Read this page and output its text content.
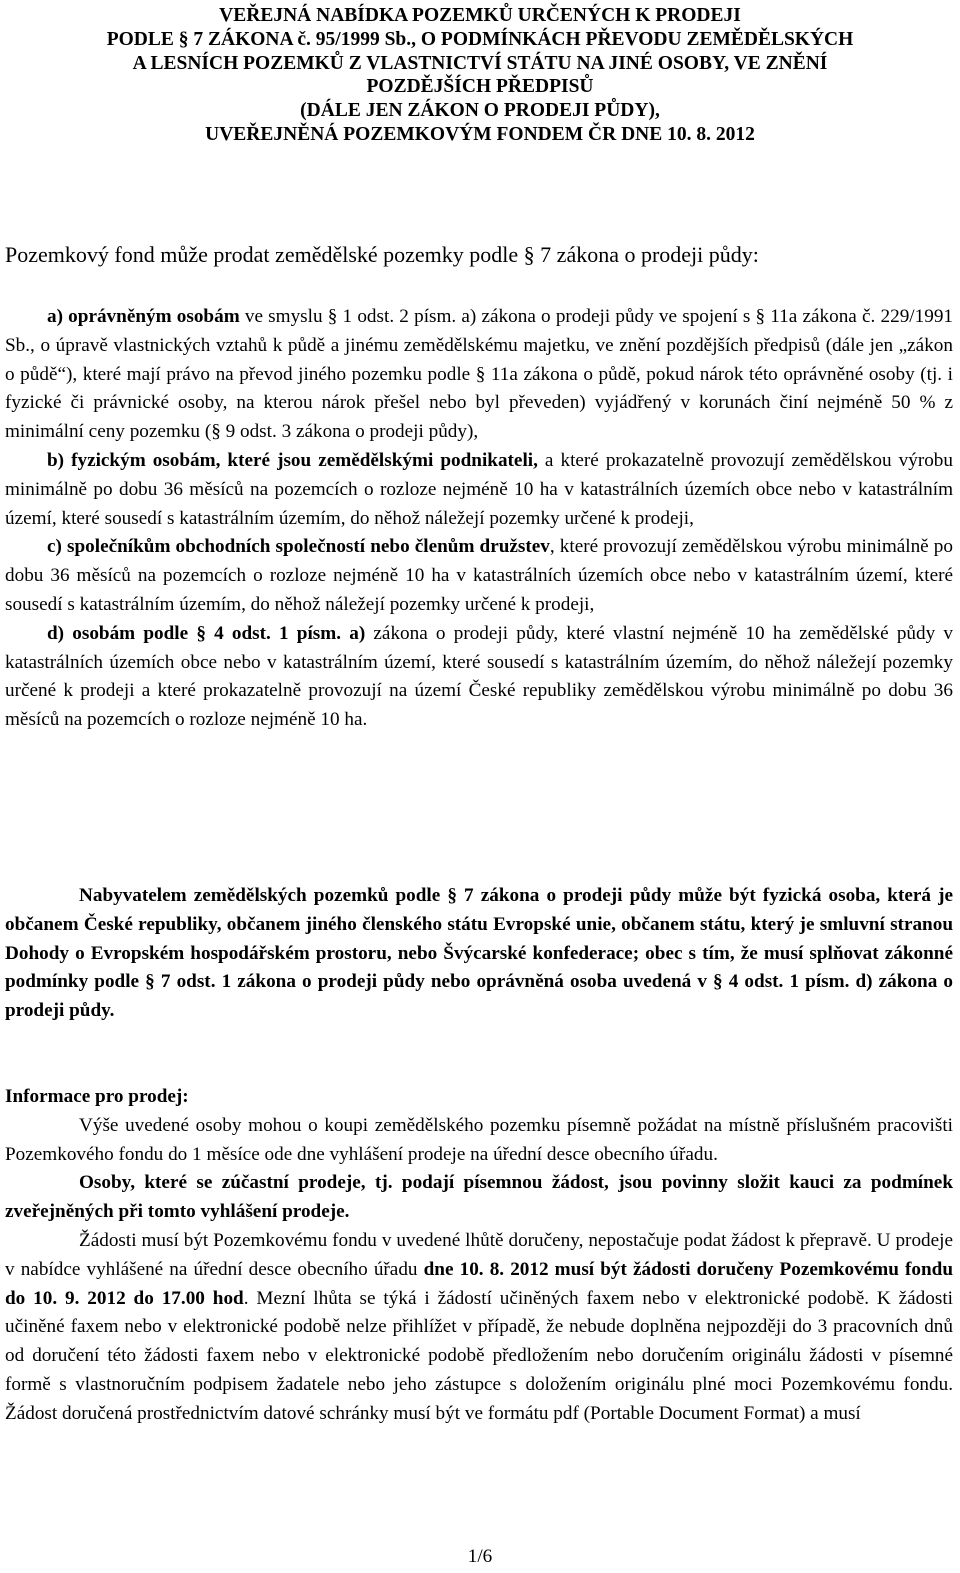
VEŘEJNÁ NABÍDKA POZEMKŮ URČENÝCH K PRODEJI
PODLE § 7 ZÁKONA č. 95/1999 Sb., O PODMÍNKÁCH PŘEVODU ZEMĚDĚLSKÝCH
A LESNÍCH POZEMKŮ Z VLASTNICTVÍ STÁTU NA JINÉ OSOBY, VE ZNĚNÍ
POZDĚJŠÍCH PŘEDPISŮ
(DÁLE JEN ZÁKON O PRODEJI PŮDY),
UVEŘEJNĚNÁ POZEMKOVÝM FONDEM ČR DNE 10. 8. 2012

Pozemkový fond může prodat zemědělské pozemky podle § 7 zákona o prodeji půdy:

a) oprávněným osobám ve smyslu § 1 odst. 2 písm. a) zákona o prodeji půdy ve spojení s § 11a zákona č. 229/1991 Sb., o úpravě vlastnických vztahů k půdě a jinému zemědělskému majetku, ve znění pozdějších předpisů (dále jen „zákon o půdě“), které mají právo na převod jiného pozemku podle § 11a zákona o půdě, pokud nárok této oprávněné osoby (tj. i fyzické či právnické osoby, na kterou nárok přešel nebo byl převeden) vyjádřený v korunách činí nejméně 50 % z minimální ceny pozemku (§ 9 odst. 3 zákona o prodeji půdy),

b) fyzickým osobám, které jsou zemědělskými podnikateli, a které prokazatelně provozují zemědělskou výrobu minimálně po dobu 36 měsíců na pozemcích o rozloze nejméně 10 ha v katastrálních územích obce nebo v katastrálním území, které sousedí s katastrálním územím, do něhož náležejí pozemky určené k prodeji,

c) společníkům obchodních společností nebo členům družstev, které provozují zemědělskou výrobu minimálně po dobu 36 měsíců na pozemcích o rozloze nejméně 10 ha v katastrálních územích obce nebo v katastrálním území, které sousedí s katastrálním územím, do něhož náležejí pozemky určené k prodeji,

d) osobám podle § 4 odst. 1 písm. a) zákona o prodeji půdy, které vlastní nejméně 10 ha zemědělské půdy v katastrálních územích obce nebo v katastrálním území, které sousedí s katastrálním územím, do něhož náležejí pozemky určené k prodeji a které prokazatelně provozují na území České republiky zemědělskou výrobu minimálně po dobu 36 měsíců na pozemcích o rozloze nejméně 10 ha.

Nabyvatelem zemědělských pozemků podle § 7 zákona o prodeji půdy může být fyzická osoba, která je občanem České republiky, občanem jiného členského státu Evropské unie, občanem státu, který je smluvní stranou Dohody o Evropském hospodářském prostoru, nebo Švýcarské konfederace; obec s tím, že musí splňovat zákonné podmínky podle § 7 odst. 1 zákona o prodeji půdy nebo oprávněná osoba uvedená v § 4 odst. 1 písm. d) zákona o prodeji půdy.

Informace pro prodej:

Výše uvedené osoby mohou o koupi zemědělského pozemku písemně požádat na místně příslušném pracovišti Pozemkového fondu do 1 měsíce ode dne vyhlášení prodeje na úřední desce obecního úřadu.

Osoby, které se zúčastní prodeje, tj. podají písemnou žádost, jsou povinny složit kauci za podmínek zveřejněných při tomto vyhlášení prodeje.

Žádosti musí být Pozemkovému fondu v uvedené lhůtě doručeny, nepostačuje podat žádost k přepravě. U prodeje v nabídce vyhlášené na úřední desce obecního úřadu dne 10. 8. 2012 musí být žádosti doručeny Pozemkovému fondu do 10. 9. 2012 do 17.00 hod. Mezní lhůta se týká i žádostí učiněných faxem nebo v elektronické podobě. K žádosti učiněné faxem nebo v elektronické podobě nelze přihlížet v případě, že nebude doplněna nejpozději do 3 pracovních dnů od doručení této žádosti faxem nebo v elektronické podobě předložením nebo doručením originálu žádosti v písemné formě s vlastnoručním podpisem žadatele nebo jeho zástupce s doložením originálu plné moci Pozemkovému fondu. Žádost doručená prostřednictvím datové schránky musí být ve formátu pdf (Portable Document Format) a musí

1/6
